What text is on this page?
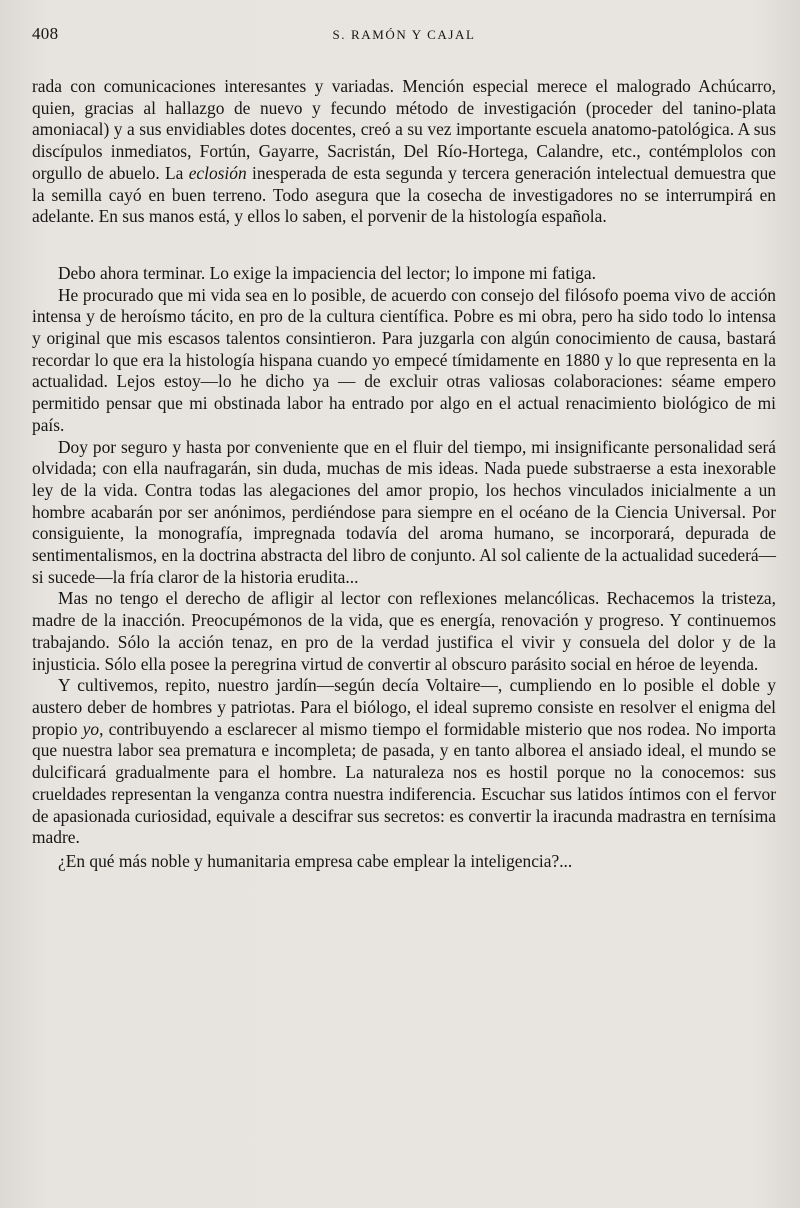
408	S. RAMÓN Y CAJAL

rada con comunicaciones interesantes y variadas. Mención especial merece el malogrado Achúcarro, quien, gracias al hallazgo de nuevo y fecundo método de investigación (proceder del tanino-plata amoniacal) y a sus envidiables dotes docentes, creó a su vez importante escuela anatomo-patológica. A sus discípulos inmediatos, Fortún, Gayarre, Sacristán, Del Río-Hortega, Calandre, etc., contémplolos con orgullo de abuelo. La eclosión inesperada de esta segunda y tercera generación intelectual demuestra que la semilla cayó en buen terreno. Todo asegura que la cosecha de investigadores no se interrumpirá en adelante. En sus manos está, y ellos lo saben, el porvenir de la histología española.

Debo ahora terminar. Lo exige la impaciencia del lector; lo impone mi fatiga.

He procurado que mi vida sea en lo posible, de acuerdo con consejo del filósofo poema vivo de acción intensa y de heroísmo tácito, en pro de la cultura científica. Pobre es mi obra, pero ha sido todo lo intensa y original que mis escasos talentos consintieron. Para juzgarla con algún conocimiento de causa, bastará recordar lo que era la histología hispana cuando yo empecé tímidamente en 1880 y lo que representa en la actualidad. Lejos estoy—lo he dicho ya — de excluir otras valiosas colaboraciones: séame empero permitido pensar que mi obstinada labor ha entrado por algo en el actual renacimiento biológico de mi país.

Doy por seguro y hasta por conveniente que en el fluir del tiempo, mi insignificante personalidad será olvidada; con ella naufragarán, sin duda, muchas de mis ideas. Nada puede substraerse a esta inexorable ley de la vida. Contra todas las alegaciones del amor propio, los hechos vinculados inicialmente a un hombre acabarán por ser anónimos, perdiéndose para siempre en el océano de la Ciencia Universal. Por consiguiente, la monografía, impregnada todavía del aroma humano, se incorporará, depurada de sentimentalismos, en la doctrina abstracta del libro de conjunto. Al sol caliente de la actualidad sucederá—si sucede—la fría claror de la historia erudita...

Mas no tengo el derecho de afligir al lector con reflexiones melancólicas. Rechacemos la tristeza, madre de la inacción. Preocupémonos de la vida, que es energía, renovación y progreso. Y continuemos trabajando. Sólo la acción tenaz, en pro de la verdad justifica el vivir y consuela del dolor y de la injusticia. Sólo ella posee la peregrina virtud de convertir al obscuro parásito social en héroe de leyenda.

Y cultivemos, repito, nuestro jardín—según decía Voltaire—, cumpliendo en lo posible el doble y austero deber de hombres y patriotas. Para el biólogo, el ideal supremo consiste en resolver el enigma del propio yo, contribuyendo a esclarecer al mismo tiempo el formidable misterio que nos rodea. No importa que nuestra labor sea prematura e incompleta; de pasada, y en tanto alborea el ansiado ideal, el mundo se dulcificará gradualmente para el hombre. La naturaleza nos es hostil porque no la conocemos: sus crueldades representan la venganza contra nuestra indiferencia. Escuchar sus latidos íntimos con el fervor de apasionada curiosidad, equivale a descifrar sus secretos: es convertir la iracunda madrastra en ternísima madre.

¿En qué más noble y humanitaria empresa cabe emplear la inteligencia?...
